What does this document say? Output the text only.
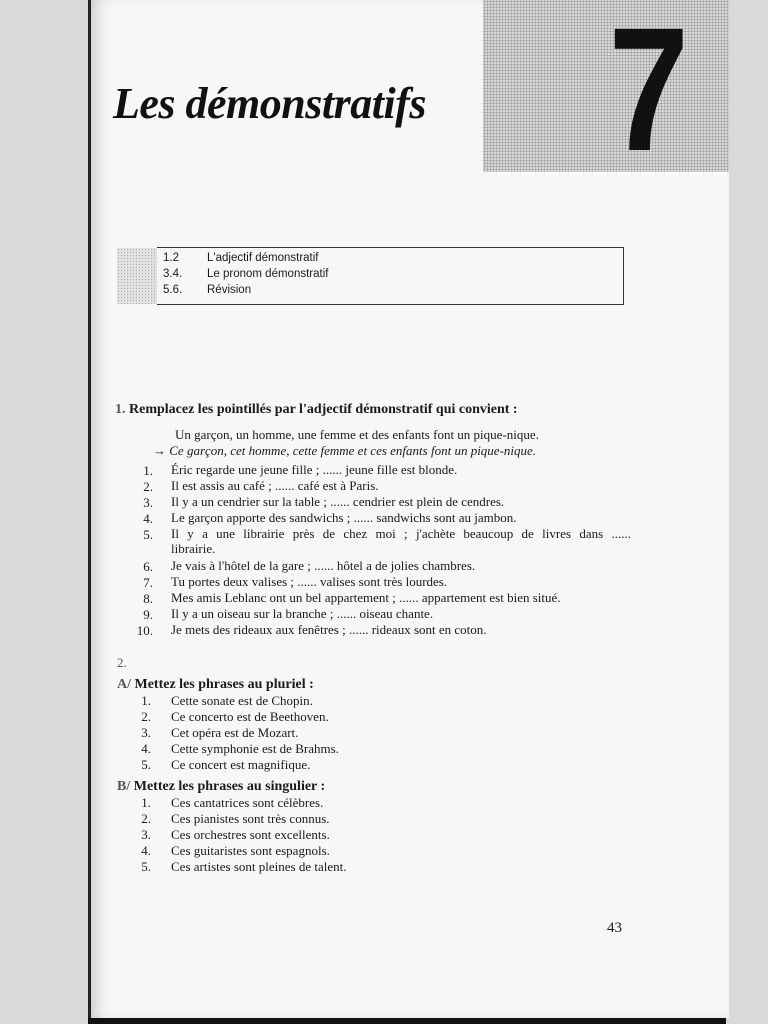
7
Les démonstratifs
1.2	L'adjectif démonstratif
3.4.	Le pronom démonstratif
5.6.	Révision
1. Remplacez les pointillés par l'adjectif démonstratif qui convient :
Un garçon, un homme, une femme et des enfants font un pique-nique.
→ Ce garçon, cet homme, cette femme et ces enfants font un pique-nique.
1. Éric regarde une jeune fille ; ...... jeune fille est blonde.
2. Il est assis au café ; ...... café est à Paris.
3. Il y a un cendrier sur la table ; ...... cendrier est plein de cendres.
4. Le garçon apporte des sandwichs ; ...... sandwichs sont au jambon.
5. Il y a une librairie près de chez moi ; j'achète beaucoup de livres dans ......
librairie.
6. Je vais à l'hôtel de la gare ; ...... hôtel a de jolies chambres.
7. Tu portes deux valises ; ...... valises sont très lourdes.
8. Mes amis Leblanc ont un bel appartement ; ...... appartement est bien situé.
9. Il y a un oiseau sur la branche ; ...... oiseau chante.
10. Je mets des rideaux aux fenêtres ; ...... rideaux sont en coton.
2.
A/ Mettez les phrases au pluriel :
1. Cette sonate est de Chopin.
2. Ce concerto est de Beethoven.
3. Cet opéra est de Mozart.
4. Cette symphonie est de Brahms.
5. Ce concert est magnifique.
B/ Mettez les phrases au singulier :
1. Ces cantatrices sont célèbres.
2. Ces pianistes sont très connus.
3. Ces orchestres sont excellents.
4. Ces guitaristes sont espagnols.
5. Ces artistes sont pleines de talent.
43
